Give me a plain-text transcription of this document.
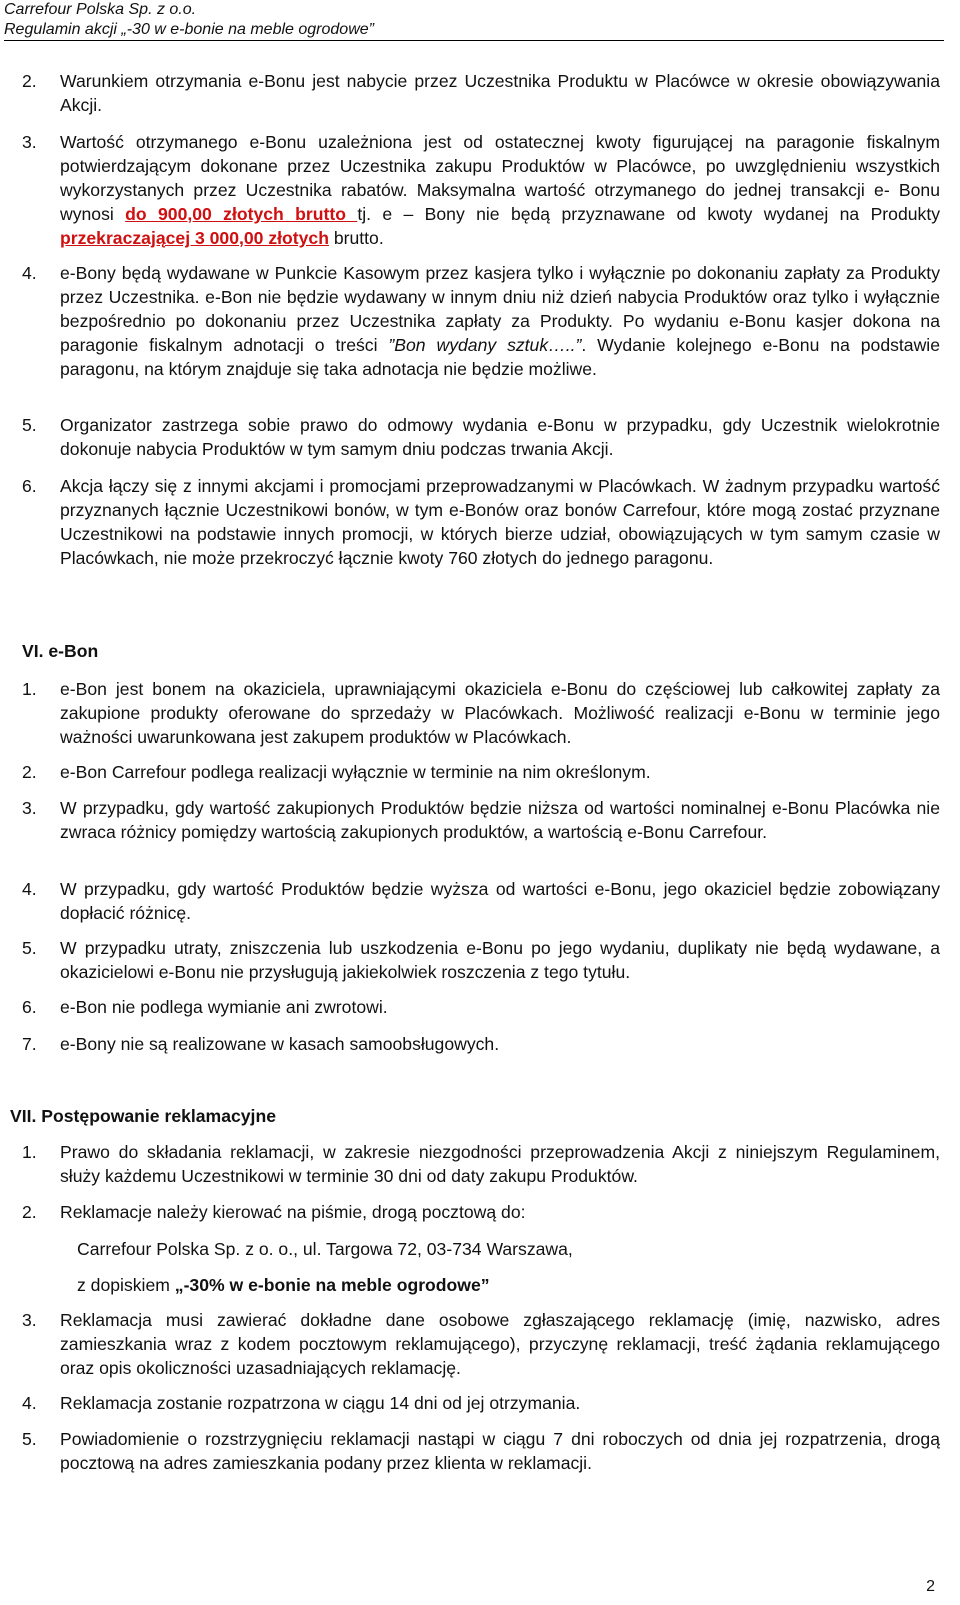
Carrefour Polska Sp. z o.o.
Regulamin akcji „-30 w e-bonie na meble ogrodowe”
2. Warunkiem otrzymania e-Bonu jest nabycie przez Uczestnika Produktu w Placówce w okresie obowiązywania Akcji.
3. Wartość otrzymanego e-Bonu uzależniona jest od ostatecznej kwoty figurującej na paragonie fiskalnym potwierdzającym dokonane przez Uczestnika zakupu Produktów w Placówce, po uwzględnieniu wszystkich wykorzystanych przez Uczestnika rabatów. Maksymalna wartość otrzymanego do jednej transakcji e- Bonu wynosi do 900,00 złotych brutto tj. e – Bony nie będą przyznawane od kwoty wydanej na Produkty przekraczającej 3 000,00 złotych brutto.
4. e-Bony będą wydawane w Punkcie Kasowym przez kasjera tylko i wyłącznie po dokonaniu zapłaty za Produkty przez Uczestnika. e-Bon nie będzie wydawany w innym dniu niż dzień nabycia Produktów oraz tylko i wyłącznie bezpośrednio po dokonaniu przez Uczestnika zapłaty za Produkty. Po wydaniu e-Bonu kasjer dokona na paragonie fiskalnym adnotacji o treści ”Bon wydany sztuk…..”. Wydanie kolejnego e-Bonu na podstawie paragonu, na którym znajduje się taka adnotacja nie będzie możliwe.
5. Organizator zastrzega sobie prawo do odmowy wydania e-Bonu w przypadku, gdy Uczestnik wielokrotnie dokonuje nabycia Produktów w tym samym dniu podczas trwania Akcji.
6. Akcja łączy się z innymi akcjami i promocjami przeprowadzanymi w Placówkach. W żadnym przypadku wartość przyznanych łącznie Uczestnikowi bonów, w tym e-Bonów oraz bonów Carrefour, które mogą zostać przyznane Uczestnikowi na podstawie innych promocji, w których bierze udział, obowiązujących w tym samym czasie w Placówkach, nie może przekroczyć łącznie kwoty 760 złotych do jednego paragonu.
VI. e-Bon
1. e-Bon jest bonem na okaziciela, uprawniającymi okaziciela e-Bonu do częściowej lub całkowitej zapłaty za zakupione produkty oferowane do sprzedaży w Placówkach. Możliwość realizacji e-Bonu w terminie jego ważności uwarunkowana jest zakupem produktów w Placówkach.
2. e-Bon Carrefour podlega realizacji wyłącznie w terminie na nim określonym.
3. W przypadku, gdy wartość zakupionych Produktów będzie niższa od wartości nominalnej e-Bonu Placówka nie zwraca różnicy pomiędzy wartością zakupionych produktów, a wartością e-Bonu Carrefour.
4. W przypadku, gdy wartość Produktów będzie wyższa od wartości e-Bonu, jego okaziciel będzie zobowiązany dopłacić różnicę.
5. W przypadku utraty, zniszczenia lub uszkodzenia e-Bonu po jego wydaniu, duplikaty nie będą wydawane, a okazicielowi e-Bonu nie przysługują jakiekolwiek roszczenia z tego tytułu.
6. e-Bon nie podlega wymianie ani zwrotowi.
7. e-Bony nie są realizowane w kasach samoobsługowych.
VII. Postępowanie reklamacyjne
1. Prawo do składania reklamacji, w zakresie niezgodności przeprowadzenia Akcji z niniejszym Regulaminem, służy każdemu Uczestnikowi w terminie 30 dni od daty zakupu Produktów.
2. Reklamacje należy kierować na piśmie, drogą pocztową do:
Carrefour Polska Sp. z o. o., ul. Targowa 72, 03-734 Warszawa,
z dopiskiem „-30% w e-bonie na meble ogrodowe”
3. Reklamacja musi zawierać dokładne dane osobowe zgłaszającego reklamację (imię, nazwisko, adres zamieszkania wraz z kodem pocztowym reklamującego), przyczynę reklamacji, treść żądania reklamującego oraz opis okoliczności uzasadniających reklamację.
4. Reklamacja zostanie rozpatrzona w ciągu 14 dni od jej otrzymania.
5. Powiadomienie o rozstrzygnięciu reklamacji nastąpi w ciągu 7 dni roboczych od dnia jej rozpatrzenia, drogą pocztową na adres zamieszkania podany przez klienta w reklamacji.
2
